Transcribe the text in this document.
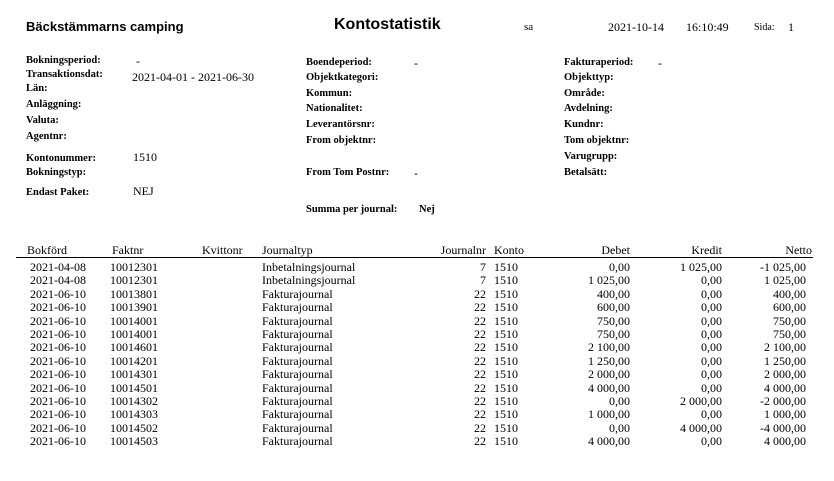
Bäckstämmarns camping	Kontostatistik	sa	2021-10-14 16:10:49	Sida: 1
Bokningsperiod:	-
Transaktionsdat: 2021-04-01 - 2021-06-30
Län:
Anläggning:
Valuta:
Agentnr:
Kontonummer:	1510
Bokningstyp:
Endast Paket:	NEJ
Boendeperiod:	-
Objektkategori:
Kommun:
Nationalitet:
Leverantörsnr:
From objektnr:
From Tom Postnr: -
Summa per journal: Nej
Fakturaperiod: -
Objekttyp:
Område:
Avdelning:
Kundnr:
Tom objektnr:
Varugrupp:
Betalsätt:
Bokförd	Faktnr	Kvittonr Journaltyp	Journalnr Konto	Debet	Kredit	Netto
2021-04-08 10012301	Inbetalningsjournal	7 1510	0,00	1 025,00	-1 025,00
2021-04-08 10012301	Inbetalningsjournal	7 1510	1 025,00	0,00	1 025,00
2021-06-10 10013801	Fakturajournal	22 1510	400,00	0,00	400,00
2021-06-10 10013901	Fakturajournal	22 1510	600,00	0,00	600,00
2021-06-10 10014001	Fakturajournal	22 1510	750,00	0,00	750,00
2021-06-10 10014001	Fakturajournal	22 1510	750,00	0,00	750,00
2021-06-10 10014601	Fakturajournal	22 1510	2 100,00	0,00	2 100,00
2021-06-10 10014201	Fakturajournal	22 1510	1 250,00	0,00	1 250,00
2021-06-10 10014301	Fakturajournal	22 1510	2 000,00	0,00	2 000,00
2021-06-10 10014501	Fakturajournal	22 1510	4 000,00	0,00	4 000,00
2021-06-10 10014302	Fakturajournal	22 1510	0,00	2 000,00	-2 000,00
2021-06-10 10014303	Fakturajournal	22 1510	1 000,00	0,00	1 000,00
2021-06-10 10014502	Fakturajournal	22 1510	0,00	4 000,00	-4 000,00
2021-06-10 10014503	Fakturajournal	22 1510	4 000,00	0,00	4 000,00
